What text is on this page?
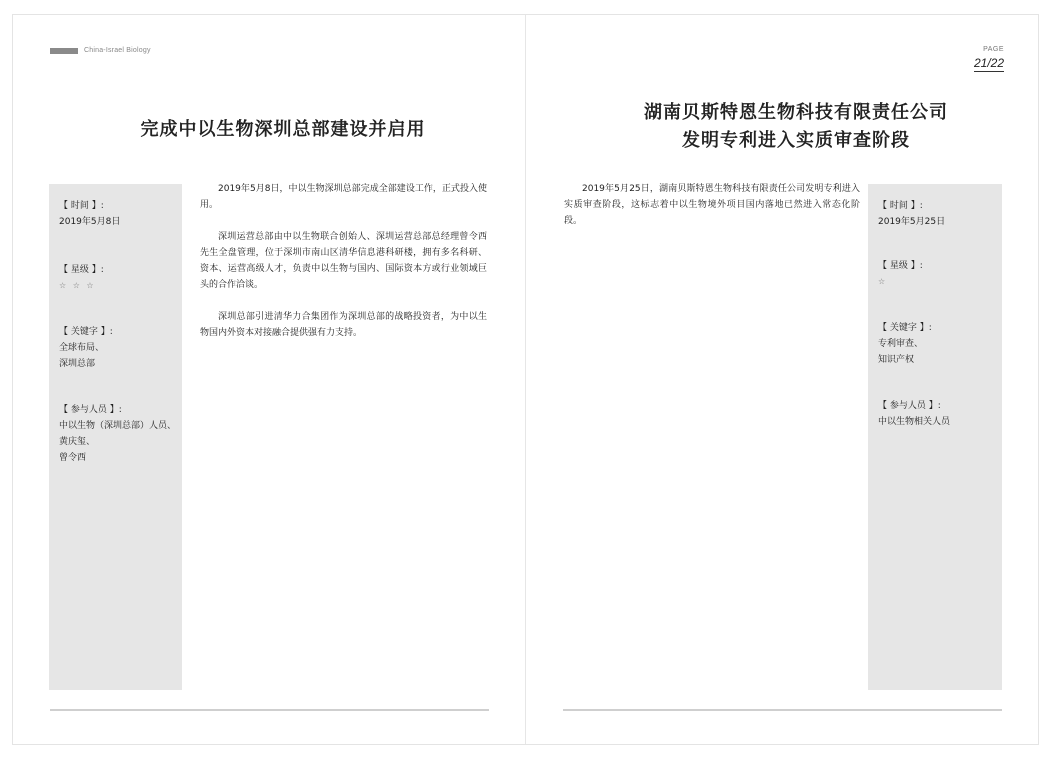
China-Israel Biology
完成中以生物深圳总部建设并启用
【 时间 】:
2019年5月8日
【 星级 】:
☆ ☆ ☆
【 关键字 】:
全球布局、
深圳总部
【 参与人员 】:
中以生物（深圳总部）人员、
黄庆玺、
曾令西

2019年5月8日，中以生物深圳总部完成全部建设工作，正式投入使用。

深圳运营总部由中以生物联合创始人、深圳运营总部总经理曾令西先生全盘管理，位于深圳市南山区清华信息港科研楼，拥有多名科研、资本、运营高级人才，负责中以生物与国内、国际资本方或行业领域巨头的合作洽谈。

深圳总部引进清华力合集团作为深圳总部的战略投资者，为中以生物国内外资本对接融合提供强有力支持。

PAGE
21/22
湖南贝斯特恩生物科技有限责任公司
发明专利进入实质审查阶段

2019年5月25日，湖南贝斯特恩生物科技有限责任公司发明专利进入实质审查阶段，这标志着中以生物境外项目国内落地已然进入常态化阶段。

【 时间 】:
2019年5月25日
【 星级 】:
☆
【 关键字 】:
专利审查、
知识产权
【 参与人员 】:
中以生物相关人员
